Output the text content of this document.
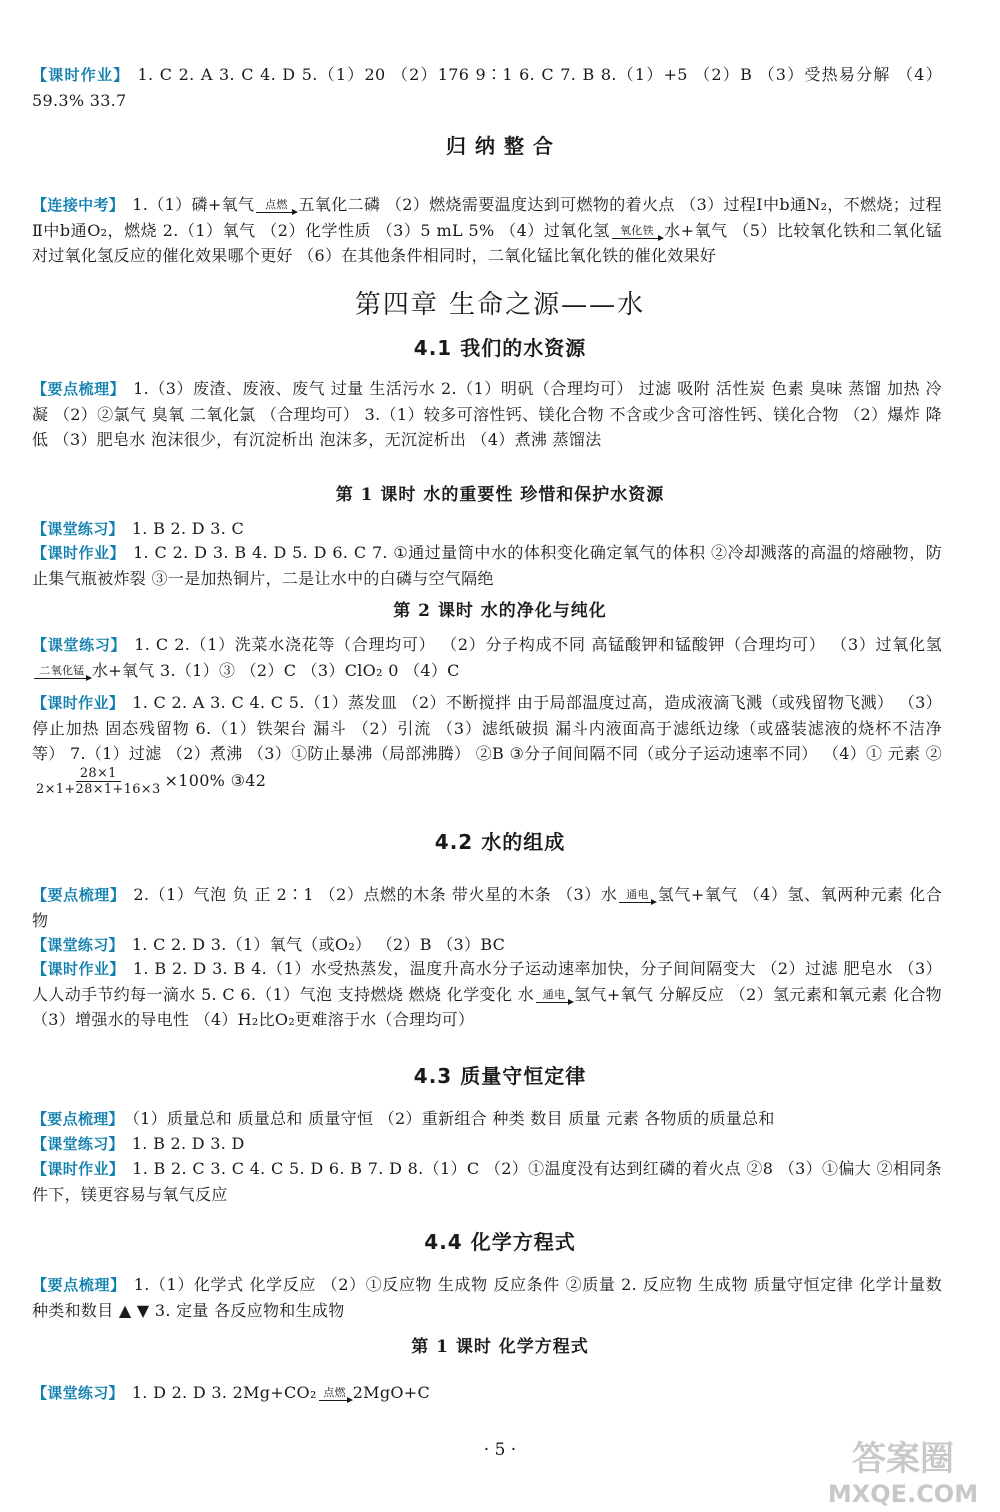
【课时作业】 1. C 2. A 3. C 4. D 5.（1）20 （2）176 9∶1 6. C 7. B 8.（1）+5 （2）B （3）受热易分解 （4）59.3% 33.7
归 纳 整 合
【连接中考】 1.（1）磷+氧气 点燃 五氧化二磷 （2）燃烧需要温度达到可燃物的着火点 （3）过程Ⅰ中b通N₂，不燃烧；过程Ⅱ中b通O₂，燃烧 2.（1）氧气 （2）化学性质 （3）5 mL 5% （4）过氧化氢 氧化铁 水+氧气 （5）比较氧化铁和二氧化锰对过氧化氢反应的催化效果哪个更好 （6）在其他条件相同时，二氧化锰比氧化铁的催化效果好
第四章 生命之源——水
4.1 我们的水资源
【要点梳理】 1.（3）废渣、废液、废气 过量 生活污水 2.（1）明矾（合理均可） 过滤 吸附 活性炭 色素 臭味 蒸馏 加热 冷凝 （2）②氯气 臭氧 二氧化氯 （合理均可） 3.（1）较多可溶性钙、镁化合物 不含或少含可溶性钙、镁化合物 （2）爆炸 降低 （3）肥皂水 泡沫很少，有沉淀析出 泡沫多，无沉淀析出 （4）煮沸 蒸馏法
第 1 课时 水的重要性 珍惜和保护水资源
【课堂练习】 1. B 2. D 3. C
【课时作业】 1. C 2. D 3. B 4. D 5. D 6. C 7. ①通过量筒中水的体积变化确定氧气的体积 ②冷却溅落的高温的熔融物，防止集气瓶被炸裂 ③一是加热铜片，二是让水中的白磷与空气隔绝
第 2 课时 水的净化与纯化
【课堂练习】 1. C 2.（1）洗菜水浇花等（合理均可） （2）分子构成不同 高锰酸钾和锰酸钾（合理均可） （3）过氧化氢
二氧化锰 水+氧气 3.（1）③ （2）C （3）ClO₂ 0 （4）C
【课时作业】 1. C 2. A 3. C 4. C 5.（1）蒸发皿 （2）不断搅拌 由于局部温度过高，造成液滴飞溅（或残留物飞溅） （3）停止加热 固态残留物 6.（1）铁架台 漏斗 （2）引流 （3）滤纸破损 漏斗内液面高于滤纸边缘（或盛装滤液的烧杯不洁净等） 7.（1）过滤 （2）煮沸 （3）①防止暴沸（局部沸腾） ②B ③分子间间隔不同（或分子运动速率不同） （4）① 元素 ②
$\frac{28\times 1}{2\times 1+28\times 1+16\times 3} \times 100\%$ ③42
4.2 水的组成
【要点梳理】 2.（1）气泡 负 正 2∶1 （2）点燃的木条 带火星的木条 （3）水 通电 氢气+氧气 （4）氢、氧两种元素 化合物
【课堂练习】 1. C 2. D 3.（1）氧气（或O₂） （2）B （3）BC
【课时作业】 1. B 2. D 3. B 4.（1）水受热蒸发，温度升高水分子运动速率加快，分子间间隔变大 （2）过滤 肥皂水 （3）人人动手节约每一滴水 5. C 6.（1）气泡 支持燃烧 燃烧 化学变化 水 通电 氢气+氧气 分解反应 （2）氢元素和氧元素 化合物 （3）增强水的导电性 （4）H₂比O₂更难溶于水（合理均可）
4.3 质量守恒定律
【要点梳理】 （1）质量总和 质量总和 质量守恒 （2）重新组合 种类 数目 质量 元素 各物质的质量总和
【课堂练习】 1. B 2. D 3. D
【课时作业】 1. B 2. C 3. C 4. C 5. D 6. B 7. D 8.（1）C （2）①温度没有达到红磷的着火点 ②8 （3）①偏大 ②相同条件下，镁更容易与氧气反应
4.4 化学方程式
【要点梳理】 1.（1）化学式 化学反应 （2）①反应物 生成物 反应条件 ②质量 2. 反应物 生成物 质量守恒定律 化学计量数 种类和数目 ▲ ▼ 3. 定量 各反应物和生成物
第 1 课时 化学方程式
【课堂练习】 1. D 2. D 3. 2Mg+CO₂ 点燃 2MgO+C
· 5 ·	答案圈
MXQE.COM
